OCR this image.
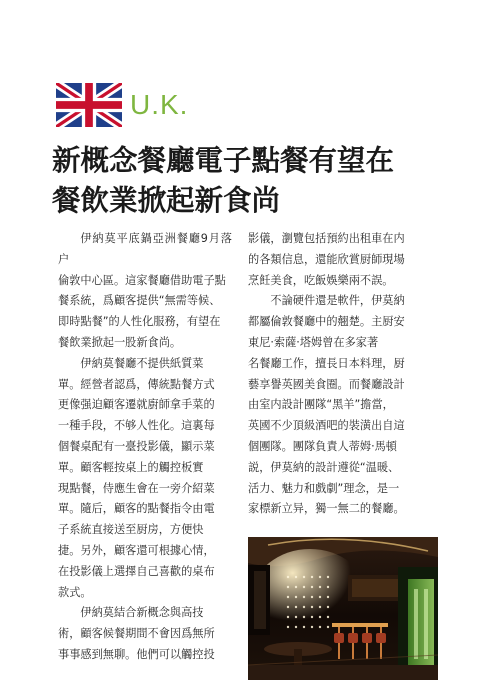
U.K.
新概念餐廳電子點餐有望在
餐飲業掀起新食尚

伊納莫平底鍋亞洲餐廳9月落户
倫敦中心區。這家餐廳借助電子點
餐系統，爲顧客提供“無需等候、
即時點餐”的人性化服務，有望在
餐飲業掀起一股新食尚。

伊納莫餐廳不提供紙質菜
單。經營者認爲，傳統點餐方式
更像强迫顧客遷就廚師拿手菜的
一種手段，不够人性化。這裏每
個餐桌配有一臺投影儀，顯示菜
單。顧客輕按桌上的觸控板實
現點餐，侍應生會在一旁介紹菜
單。隨后，顧客的點餐指令由電
子系統直接送至厨房，方便快
捷。另外，顧客還可根據心情，
在投影儀上選擇自己喜歡的桌布
款式。

伊納莫結合新概念與高技
術，顧客候餐期間不會因爲無所
事事感到無聊。他們可以觸控投

影儀，瀏覽包括預約出租車在内
的各類信息，還能欣賞厨師現場
烹飪美食，吃飯娛樂兩不誤。

不論硬件還是軟件，伊莫納
都屬倫敦餐廳中的翹楚。主厨安
東尼·索薩·塔姆曾在多家著
名餐廳工作，擅長日本料理，厨
藝享譽英國美食圈。而餐廳設計
由室内設計團隊“黑羊”擔當，
英國不少頂級酒吧的裝潢出自這
個團隊。團隊負責人蒂姆·馬頓
説，伊莫納的設計遵從“温暖、
活力、魅力和戲劇”理念，是一
家標新立异，獨一無二的餐廳。
